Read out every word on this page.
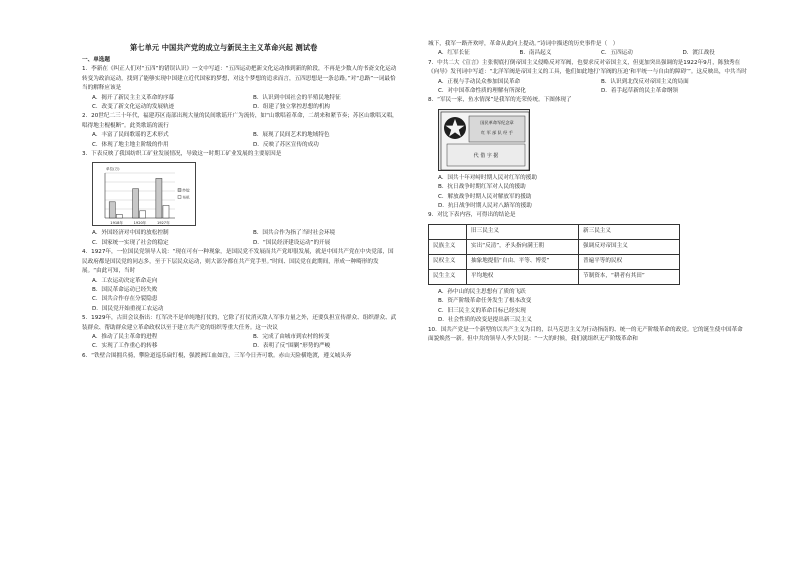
第七单元 中国共产党的成立与新民主主义革命兴起 测试卷
一、单选题
1．李新在《纠正人们对“五四”的错误认识》一文中写道：“五四运动把新文化运动推到新的阶段，不再是少数人的书斋文化运动转变为政治运动，找到了能够实现中国建立近代国家的梦想，对这个梦想的追求而言，五四思想是一条总路。”对“总路”一词最恰当的解释应该是
A．揭开了新民主主义革命的序幕	B．认识到中国社会的半殖民地特征
C．改变了新文化运动的发展轨迹	D．组建了独立掌控思想的机构
2．20世纪二三十年代，福建苏区南部出现大量的民间歌谣开广为流传，如“山歌唱着革命，二胡来和紧节奏；苏区山歌唱又唱，唱得地主棍棍断”。此类歌谣的流行
A．丰富了民间歌谣的艺术形式	B．展现了民间艺术的地域特色
C．体现了地主地主阶级的作用	D．反映了苏区宣传的成功
3．下表反映了我国纺织工矿业发展情况，导致这一时期工矿业发展的主要原因是
单位(万)
1918年	1920年	1927年
纱锭
布机
A．外国经济对中国的放松控制	B．国共合作为指了当时社会环境
C．国家统一实现了社会的稳定	D．“国民经济建设运动”的开展
4．1927年，一位国民党领导人说：“现在可有一种现象，是国民党不发展而共产党却很发展，就是中国共产党在中央党部，国民政府都是国民党的同志多，至于下层民众运动，则大部分都在共产党手里。”时间、国民党在此期间，形成一种畸形的发展。“由此可知，当时
A．工农运动决定革命走向
B．国民革命运动已经失败
C．国共合作存在分裂隐患
D．国民党开始重视工农运动
5．1929年，古田会议指出：红军决不是单纯地打仗的，它除了打仗消灭敌人军事力量之外，还要负担宣传群众、组织群众、武装群众、帮助群众建立革命政权以至于建立共产党的组织等重大任务。这一决议
A．推动了民主革命的进程	B．完成了由城市到农村的转变
C．实现了工作重心的转移	D．表明了反“围剿”形势的严峻
6．“铁壁合围拥兵骑，攀险道巡乐扁钉棍，强渡洲江血如注，三军今日齐可歌。赤山天险横绝渡，遵义城头奔
城下，我军一路齐欢呼，革命从此向上提动。”诗词中描述的历史事件是（　）
A．红军长征	B．南昌起义	C．五四运动	D．渡江战役
7．中共二大《宣言》主张彻底打倒帝国主义侵略反对军阀，也要求反对帝国主义，但更加突出强调的是1922年9月，陈独秀在《向导》发刊词中写道：“北洋军阀是帝国主义的工具，他们如此地打‘军阀的压迫’和平统一与自由的障碍’”。这反映出，中共当时
A．正视与手动民众参加国民革命	B．认识到北伐反对帝国主义的局面
C．对中国革命性质的理解有所深化	D．着手起草新的民主革命纲领
8．“军民一家，鱼水情深”是我军的光荣传统。下图体现了
国民革命军纪念章
红 军 部 队 经 手
代 借 字 据
A．国共十年对峙时期人民对红军的援助
B．抗日战争时期红军对人民的援助
C．解放战争时期人民对解放军的援助
D．抗日战争时期人民对八路军的援助
9．对比下表内容，可得出的结论是
	旧三民主义	新三民主义
民族主义	实出“反清”，矛头指向满王朝	强调反对帝国主义
民权主义	抽象地提倡“自由、平等、博爱”	普遍平等的民权
民生主义	平均地权	节制资本，“耕者有其田”
A．孙中山的民主思想有了质的飞跃
B．资产阶级革命任务发生了根本改变
C．旧三民主义的革命目标已经实现
D．社会性质的改变是提出新三民主义
10．国共产党是一个新型的以共产主义为目的，以马克思主义为行动指南的、统一的无产阶级革命的政党。它的诞生使中国革命面貌焕然一新。但中共的领导人李大钊说：“一大的时候，我们就组织无产阶级革命和
